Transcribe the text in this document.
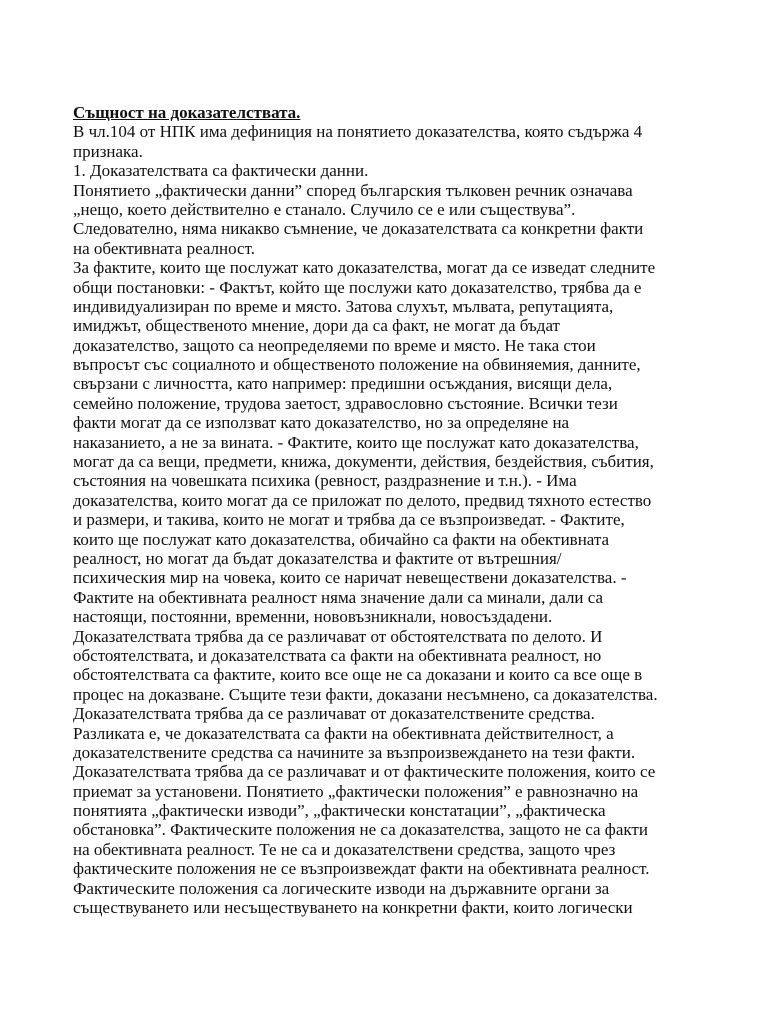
Същност на доказателствата.
В чл.104 от НПК има дефиниция на понятието доказателства, която съдържа 4
признака.
1. Доказателствата са фактически данни.
Понятието „фактически данни” според българския тълковен речник означава
„нещо, което действително е станало. Случило се е или съществува”.
Следователно, няма никакво съмнение, че доказателствата са конкретни факти
на обективната реалност.
За фактите, които ще послужат като доказателства, могат да се изведат следните
общи постановки: - Фактът, който ще послужи като доказателство, трябва да е
индивидуализиран по време и място. Затова слухът, мълвата, репутацията,
имиджът, общественото мнение, дори да са факт, не могат да бъдат
доказателство, защото са неопределяеми по време и място. Не така стои
въпросът със социалното и общественото положение на обвиняемия, данните,
свързани с личността, като например: предишни осъждания, висящи дела,
семейно положение, трудова заетост, здравословно състояние. Всички тези
факти могат да се използват като доказателство, но за определяне на
наказанието, а не за вината. - Фактите, които ще послужат като доказателства,
могат да са вещи, предмети, книжа, документи, действия, бездействия, събития,
състояния на човешката психика (ревност, раздразнение и т.н.). - Има
доказателства, които могат да се приложат по делото, предвид тяхното естество
и размери, и такива, които не могат и трябва да се възпроизведат. - Фактите,
които ще послужат като доказателства, обичайно са факти на обективната
реалност, но могат да бъдат доказателства и фактите от вътрешния/
психическия мир на човека, които се наричат невеществени доказателства. -
Фактите на обективната реалност няма значение дали са минали, дали са
настоящи, постоянни, временни, нововъзникнали, новосъздадени.
Доказателствата трябва да се различават от обстоятелствата по делото. И
обстоятелствата, и доказателствата са факти на обективната реалност, но
обстоятелствата са фактите, които все още не са доказани и които са все още в
процес на доказване. Същите тези факти, доказани несъмнено, са доказателства.
Доказателствата трябва да се различават от доказателствените средства.
Разликата е, че доказателствата са факти на обективната действителност, а
доказателствените средства са начините за възпроизвеждането на тези факти.
Доказателствата трябва да се различават и от фактическите положения, които се
приемат за установени. Понятието „фактически положения” е равнозначно на
понятията „фактически изводи”, „фактически констатации”, „фактическа
обстановка”. Фактическите положения не са доказателства, защото не са факти
на обективната реалност. Те не са и доказателствени средства, защото чрез
фактическите положения не се възпроизвеждат факти на обективната реалност.
Фактическите положения са логическите изводи на държавните органи за
съществуването или несъществуването на конкретни факти, които логически
